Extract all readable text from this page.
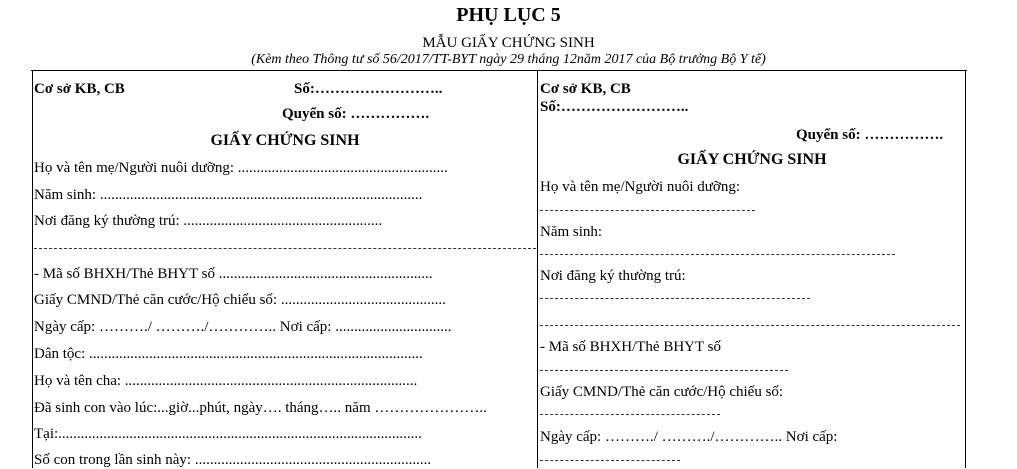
PHỤ LỤC 5
MẪU GIẤY CHỨNG SINH
(Kèm theo Thông tư số 56/2017/TT-BYT ngày 29 tháng 12năm 2017 của Bộ trưởng Bộ Y tế)
Cơ sở KB, CB	Số:……………………..
Quyển số: …………….
GIẤY CHỨNG SINH
Họ và tên mẹ/Người nuôi dưỡng: ........................................................
Năm sinh: ......................................................................................
Nơi đăng ký thường trú: .....................................................
- Mã số BHXH/Thẻ BHYT số .........................................................
Giấy CMND/Thẻ căn cước/Hộ chiếu số: ............................................
Ngày cấp: ………./ ………./………….. Nơi cấp: ...............................
Dân tộc: .........................................................................................
Họ và tên cha: ..............................................................................
Đã sinh con vào lúc:...giờ...phút, ngày…. tháng….. năm …………………..
Tại:.................................................................................................
Số con trong lần sinh này: ...............................................................
Cơ sở KB, CB
Số:……………………..
Quyển số: …………….
GIẤY CHỨNG SINH
Họ và tên mẹ/Người nuôi dưỡng:
Năm sinh:
Nơi đăng ký thường trú:
- Mã số BHXH/Thẻ BHYT số
Giấy CMND/Thẻ căn cước/Hộ chiếu số:
Ngày cấp: ………./ ………./………….. Nơi cấp:
